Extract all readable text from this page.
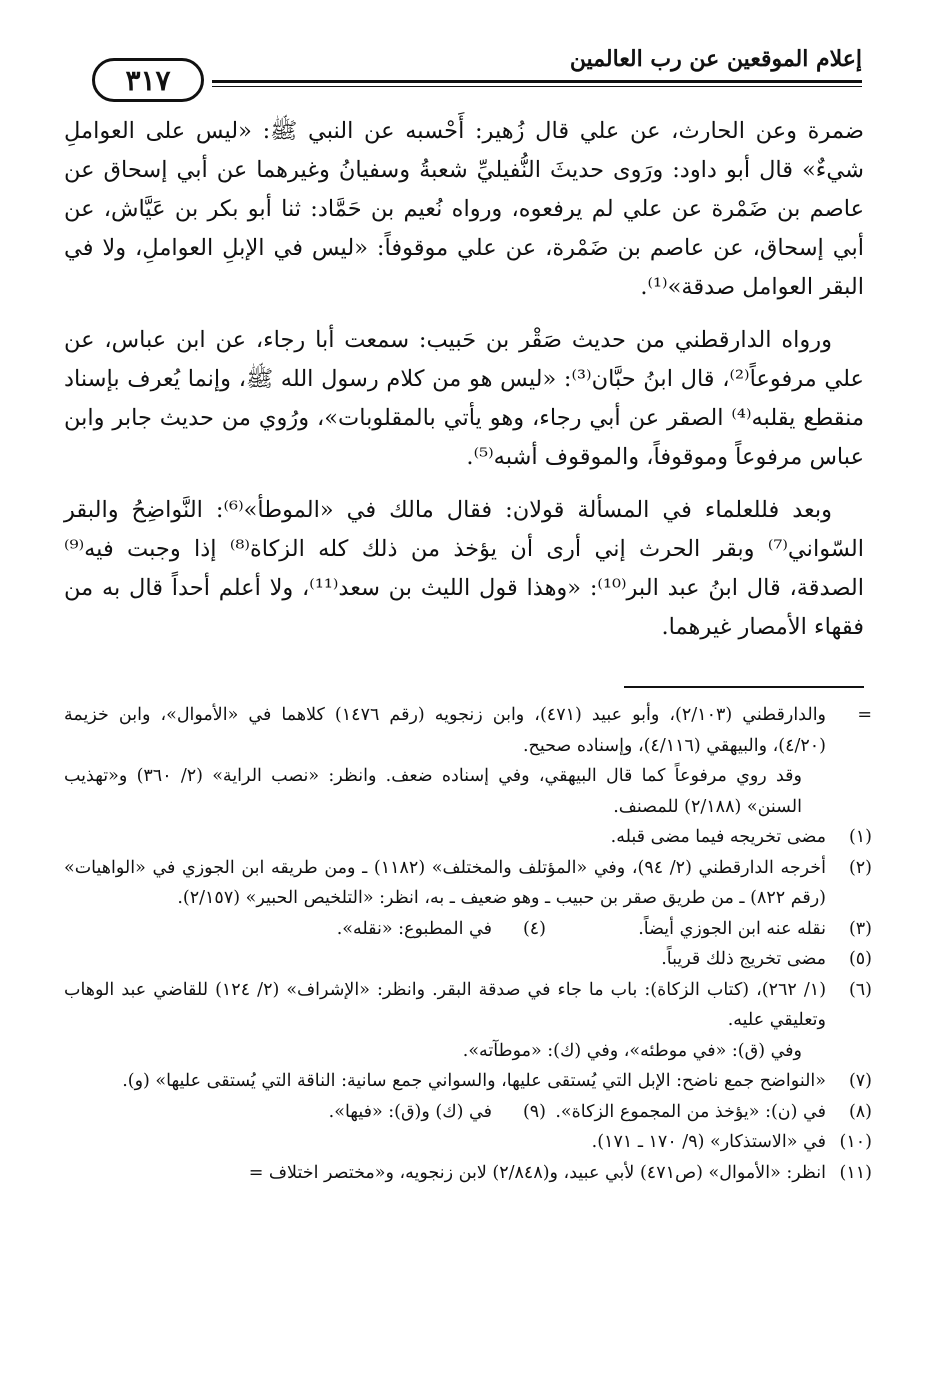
إعلام الموقعين عن رب العالمين
٣١٧

ضمرة وعن الحارث، عن علي قال زُهير: أَحْسبه عن النبي ﷺ: «ليس على العواملِ شيءٌ» قال أبو داود: ورَوى حديثَ النُّفيليِّ شعبةُ وسفيانُ وغيرهما عن أبي إسحاق عن عاصم بن ضَمْرة عن علي لم يرفعوه، ورواه نُعيم بن حَمَّاد: ثنا أبو بكر بن عَيَّاش، عن أبي إسحاق، عن عاصم بن ضَمْرة، عن علي موقوفاً: «ليس في الإبلِ العواملِ، ولا في البقر العوامل صدقة»⁽¹⁾.

ورواه الدارقطني من حديث صَقْر بن حَبيب: سمعت أبا رجاء، عن ابن عباس، عن علي مرفوعاً⁽²⁾، قال ابنُ حبَّان⁽³⁾: «ليس هو من كلام رسول الله ﷺ، وإنما يُعرف بإسناد منقطع يقلبه⁽⁴⁾ الصقر عن أبي رجاء، وهو يأتي بالمقلوبات»، ورُوي من حديث جابر وابن عباس مرفوعاً وموقوفاً، والموقوف أشبه⁽⁵⁾.

وبعد فللعلماء في المسألة قولان: فقال مالك في «الموطأ»⁽⁶⁾: النَّواضِحُ والبقر السّواني⁽⁷⁾ وبقر الحرث إني أرى أن يؤخذ من ذلك كله الزكاة⁽⁸⁾ إذا وجبت فيه⁽⁹⁾ الصدقة، قال ابنُ عبد البر⁽¹⁰⁾: «وهذا قول الليث بن سعد⁽¹¹⁾، ولا أعلم أحداً قال به من فقهاء الأمصار غيرهما.

=
والدارقطني (٢/١٠٣)، وأبو عبيد (٤٧١)، وابن زنجويه (رقم ١٤٧٦) كلاهما في «الأموال»، وابن خزيمة (٤/٢٠)، والبيهقي (٤/١١٦)، وإسناده صحيح.
وقد روي مرفوعاً كما قال البيهقي، وفي إسناده ضعف. وانظر: «نصب الراية» (٢/ ٣٦٠) و«تهذيب السنن» (٢/١٨٨) للمصنف.
(١)
مضى تخريجه فيما مضى قبله.
(٢)
أخرجه الدارقطني (٢/ ٩٤)، وفي «المؤتلف والمختلف» (١١٨٢) ـ ومن طريقه ابن الجوزي في «الواهيات» (رقم ٨٢٢) ـ من طريق صقر بن حبيب ـ وهو ضعيف ـ به، انظر: «التلخيص الحبير» (٢/١٥٧).
(٣)
نقله عنه ابن الجوزي أيضاً.
(٤)
في المطبوع: «نقله».
(٥)
مضى تخريج ذلك قريباً.
(٦)
(١/ ٢٦٢)، (كتاب الزكاة): باب ما جاء في صدقة البقر. وانظر: «الإشراف» (٢/ ١٢٤) للقاضي عبد الوهاب وتعليقي عليه.
وفي (ق): «في موطئه»، وفي (ك): «موطآته».
(٧)
«النواضح جمع ناضح: الإبل التي يُستقى عليها، والسواني جمع سانية: الناقة التي يُستقى عليها» (و).
(٨)
في (ن): «يؤخذ من المجموع الزكاة».
(٩)
في (ك) و(ق): «فيها».
(١٠)
في «الاستذكار» (٩/ ١٧٠ ـ ١٧١).
(١١)
انظر: «الأموال» (ص٤٧١) لأبي عبيد، و(٢/٨٤٨) لابن زنجويه، و«مختصر اختلاف =
